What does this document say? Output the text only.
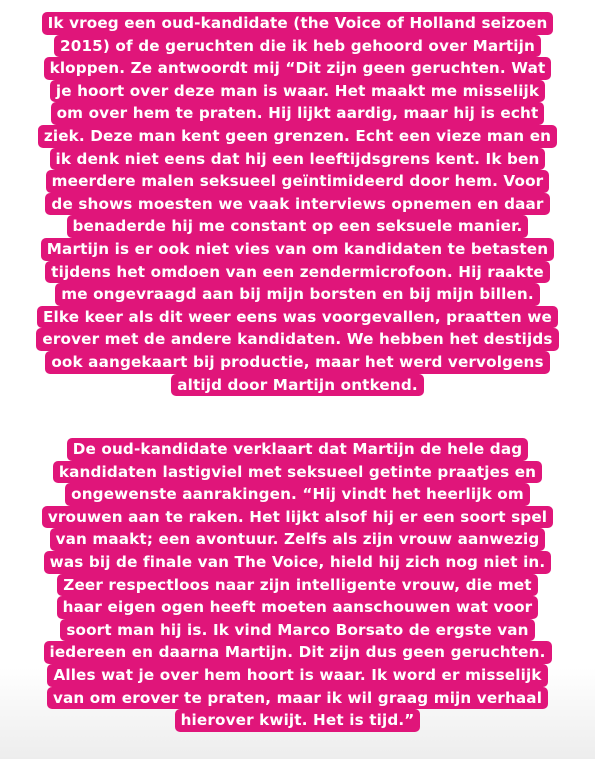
Ik vroeg een oud-kandidate (the Voice of Holland seizoen
2015) of de geruchten die ik heb gehoord over Martijn
kloppen. Ze antwoordt mij “Dit zijn geen geruchten. Wat
je hoort over deze man is waar. Het maakt me misselijk
om over hem te praten. Hij lijkt aardig, maar hij is echt
ziek. Deze man kent geen grenzen. Echt een vieze man en
ik denk niet eens dat hij een leeftijdsgrens kent. Ik ben
meerdere malen seksueel geïntimideerd door hem. Voor
de shows moesten we vaak interviews opnemen en daar
benaderde hij me constant op een seksuele manier.
Martijn is er ook niet vies van om kandidaten te betasten
tijdens het omdoen van een zendermicrofoon. Hij raakte
me ongevraagd aan bij mijn borsten en bij mijn billen.
Elke keer als dit weer eens was voorgevallen, praatten we
erover met de andere kandidaten. We hebben het destijds
ook aangekaart bij productie, maar het werd vervolgens
altijd door Martijn ontkend.
De oud-kandidate verklaart dat Martijn de hele dag
kandidaten lastigviel met seksueel getinte praatjes en
ongewenste aanrakingen. “Hij vindt het heerlijk om
vrouwen aan te raken. Het lijkt alsof hij er een soort spel
van maakt; een avontuur. Zelfs als zijn vrouw aanwezig
was bij de finale van The Voice, hield hij zich nog niet in.
Zeer respectloos naar zijn intelligente vrouw, die met
haar eigen ogen heeft moeten aanschouwen wat voor
soort man hij is. Ik vind Marco Borsato de ergste van
iedereen en daarna Martijn. Dit zijn dus geen geruchten.
Alles wat je over hem hoort is waar. Ik word er misselijk
van om erover te praten, maar ik wil graag mijn verhaal
hierover kwijt. Het is tijd.”
